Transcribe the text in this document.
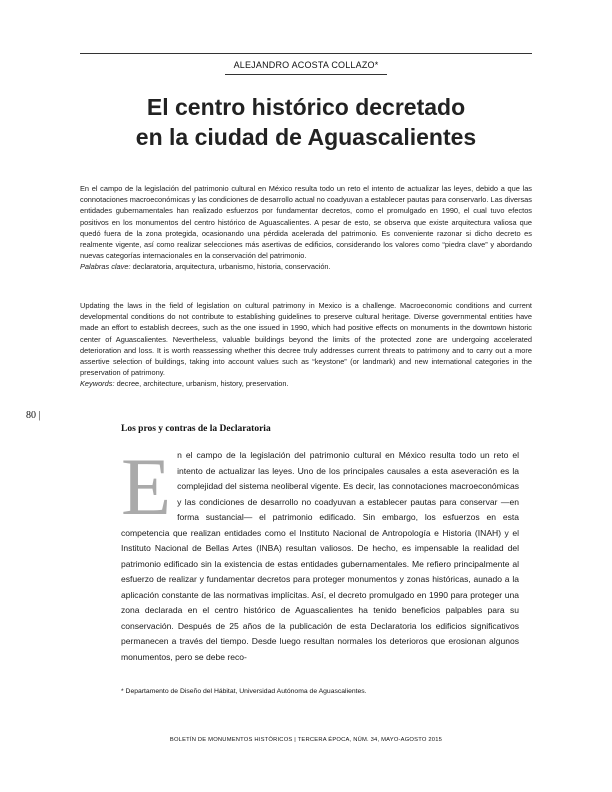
ALEJANDRO ACOSTA COLLAZO*
El centro histórico decretado
en la ciudad de Aguascalientes

En el campo de la legislación del patrimonio cultural en México resulta todo un reto el intento de actualizar las leyes, debido a que las connotaciones macroeconómicas y las condiciones de desarrollo actual no coadyuvan a establecer pautas para conservarlo. Las diversas entidades gubernamentales han realizado esfuerzos por fundamentar decretos, como el promulgado en 1990, el cual tuvo efectos positivos en los monumentos del centro histórico de Aguascalientes. A pesar de esto, se observa que existe arquitectura valiosa que quedó fuera de la zona protegida, ocasionando una pérdida acelerada del patrimonio. Es conveniente razonar si dicho decreto es realmente vigente, así como realizar selecciones más asertivas de edificios, considerando los valores como “piedra clave” y abordando nuevas categorías internacionales en la conservación del patrimonio.

Palabras clave: declaratoria, arquitectura, urbanismo, historia, conservación.

Updating the laws in the field of legislation on cultural patrimony in Mexico is a challenge. Macroeconomic conditions and current developmental conditions do not contribute to establishing guidelines to preserve cultural heritage. Diverse governmental entities have made an effort to establish decrees, such as the one issued in 1990, which had positive effects on monuments in the downtown historic center of Aguascalientes. Nevertheless, valuable buildings beyond the limits of the protected zone are undergoing accelerated deterioration and loss. It is worth reassessing whether this decree truly addresses current threats to patrimony and to carry out a more assertive selection of buildings, taking into account values such as “keystone” (or landmark) and new international categories in the preservation of patrimony.

Keywords: decree, architecture, urbanism, history, preservation.

80 |
Los pros y contras de la Declaratoria
E n el campo de la legislación del patrimonio cultural en México resulta todo un reto el intento de actualizar las leyes. Uno de los principales causales a esta aseveración es la complejidad del sistema neoliberal vigente. Es decir, las connotaciones macroeconómicas y las condiciones de desarrollo no coadyuvan a establecer pautas para conservar —en forma sustancial— el patrimonio edificado. Sin embargo, los esfuerzos en esta competencia que realizan entidades como el Instituto Nacional de Antropología e Historia (INAH) y el Instituto Nacional de Bellas Artes (INBA) resultan valiosos. De hecho, es impensable la realidad del patrimonio edificado sin la existencia de estas entidades gubernamentales. Me refiero principalmente al esfuerzo de realizar y fundamentar decretos para proteger monumentos y zonas históricas, aunado a la aplicación constante de las normativas implícitas. Así, el decreto promulgado en 1990 para proteger una zona declarada en el centro histórico de Aguascalientes ha tenido beneficios palpables para su conservación. Después de 25 años de la publicación de esta Declaratoria los edificios significativos permanecen a través del tiempo. Desde luego resultan normales los deterioros que erosionan algunos monumentos, pero se debe reco-

* Departamento de Diseño del Hábitat, Universidad Autónoma de Aguascalientes.
BOLETÍN DE MONUMENTOS HISTÓRICOS | TERCERA ÉPOCA, NÚM. 34, MAYO-AGOSTO 2015
